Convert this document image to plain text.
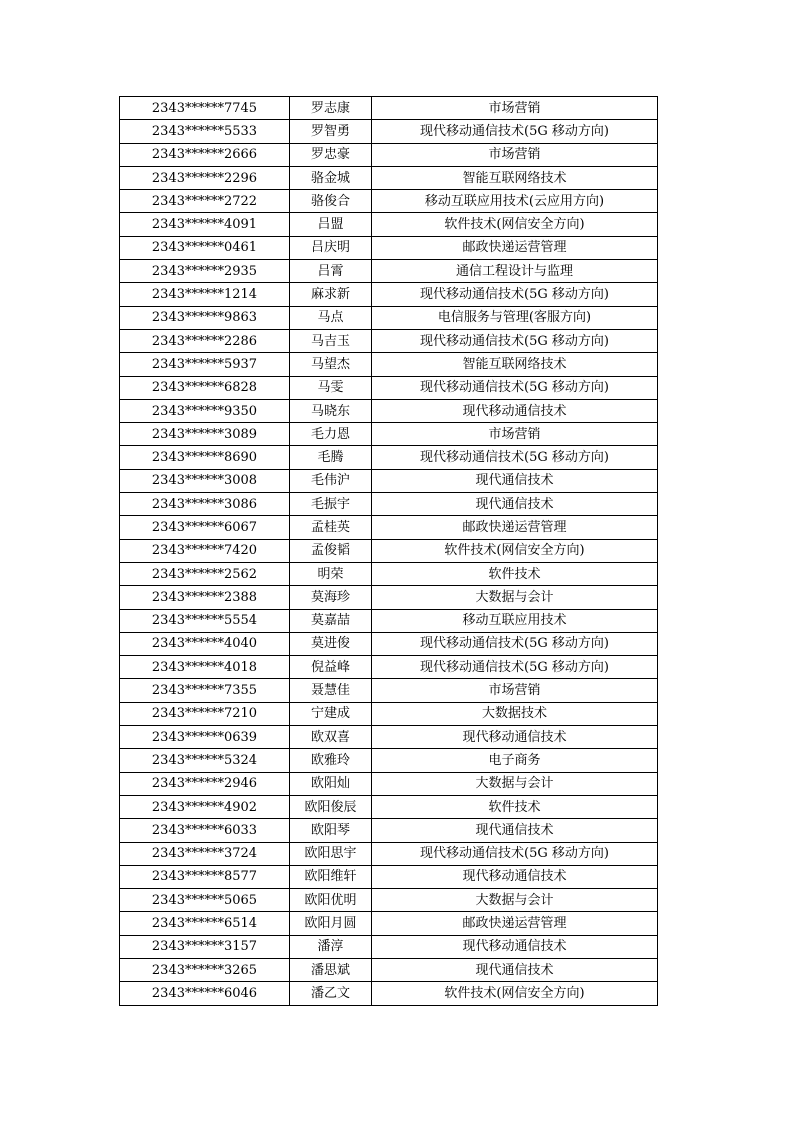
2343******7745	罗志康	市场营销
2343******5533	罗智勇	现代移动通信技术(5G 移动方向)
2343******2666	罗忠豪	市场营销
2343******2296	骆金城	智能互联网络技术
2343******2722	骆俊合	移动互联应用技术(云应用方向)
2343******4091	吕盟	软件技术(网信安全方向)
2343******0461	吕庆明	邮政快递运营管理
2343******2935	吕霄	通信工程设计与监理
2343******1214	麻求新	现代移动通信技术(5G 移动方向)
2343******9863	马点	电信服务与管理(客服方向)
2343******2286	马吉玉	现代移动通信技术(5G 移动方向)
2343******5937	马望杰	智能互联网络技术
2343******6828	马雯	现代移动通信技术(5G 移动方向)
2343******9350	马晓东	现代移动通信技术
2343******3089	毛力恩	市场营销
2343******8690	毛腾	现代移动通信技术(5G 移动方向)
2343******3008	毛伟沪	现代通信技术
2343******3086	毛振宇	现代通信技术
2343******6067	孟桂英	邮政快递运营管理
2343******7420	孟俊韬	软件技术(网信安全方向)
2343******2562	明荣	软件技术
2343******2388	莫海珍	大数据与会计
2343******5554	莫嘉喆	移动互联应用技术
2343******4040	莫进俊	现代移动通信技术(5G 移动方向)
2343******4018	倪益峰	现代移动通信技术(5G 移动方向)
2343******7355	聂慧佳	市场营销
2343******7210	宁建成	大数据技术
2343******0639	欧双喜	现代移动通信技术
2343******5324	欧雅玲	电子商务
2343******2946	欧阳灿	大数据与会计
2343******4902	欧阳俊辰	软件技术
2343******6033	欧阳琴	现代通信技术
2343******3724	欧阳思宇	现代移动通信技术(5G 移动方向)
2343******8577	欧阳维轩	现代移动通信技术
2343******5065	欧阳优明	大数据与会计
2343******6514	欧阳月圆	邮政快递运营管理
2343******3157	潘淳	现代移动通信技术
2343******3265	潘思斌	现代通信技术
2343******6046	潘乙文	软件技术(网信安全方向)
